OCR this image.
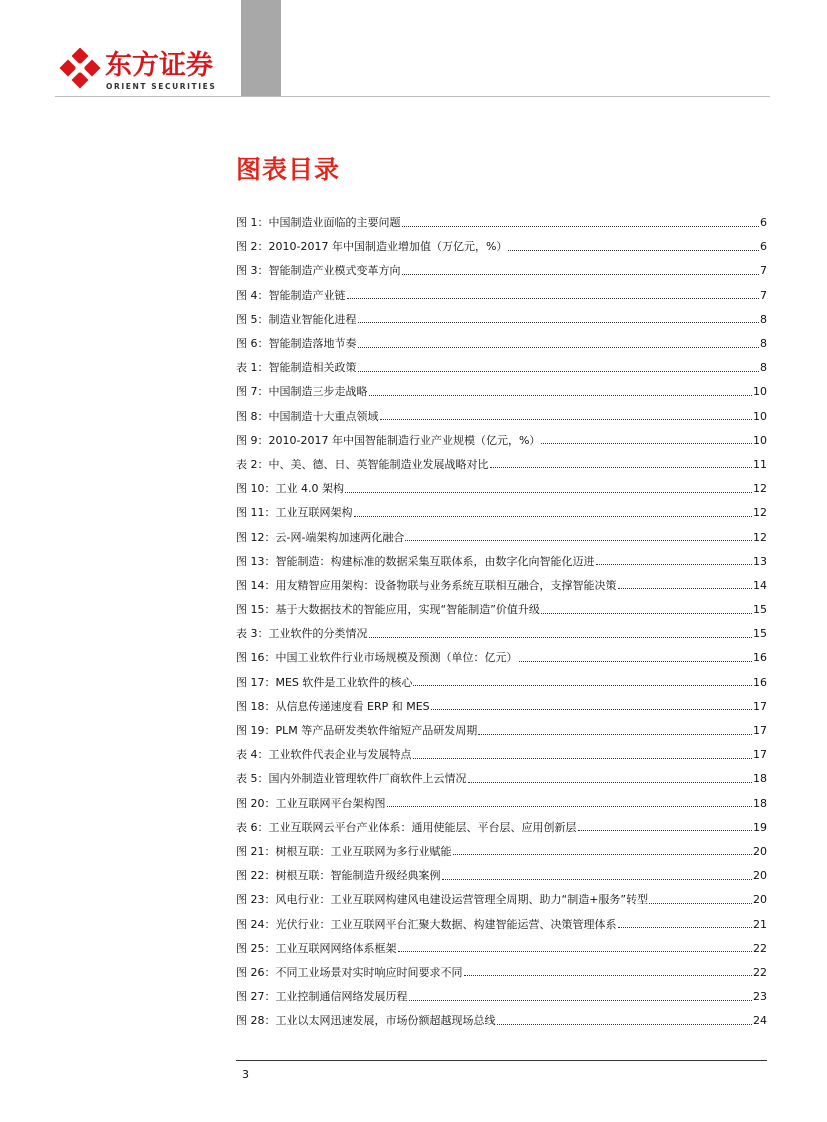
东方证券
ORIENT SECURITIES
图表目录
图 1：中国制造业面临的主要问题	6
图 2：2010-2017 年中国制造业增加值（万亿元，%）	6
图 3：智能制造产业模式变革方向	7
图 4：智能制造产业链	7
图 5：制造业智能化进程	8
图 6：智能制造落地节奏	8
表 1：智能制造相关政策	8
图 7：中国制造三步走战略	10
图 8：中国制造十大重点领域	10
图 9：2010-2017 年中国智能制造行业产业规模（亿元，%）	10
表 2：中、美、德、日、英智能制造业发展战略对比	11
图 10：工业 4.0 架构	12
图 11：工业互联网架构	12
图 12：云-网-端架构加速两化融合	12
图 13：智能制造：构建标准的数据采集互联体系，由数字化向智能化迈进	13
图 14：用友精智应用架构：设备物联与业务系统互联相互融合，支撑智能决策	14
图 15：基于大数据技术的智能应用，实现“智能制造”价值升级	15
表 3：工业软件的分类情况	15
图 16：中国工业软件行业市场规模及预测（单位：亿元）	16
图 17：MES 软件是工业软件的核心	16
图 18：从信息传递速度看 ERP 和 MES	17
图 19：PLM 等产品研发类软件缩短产品研发周期	17
表 4：工业软件代表企业与发展特点	17
表 5：国内外制造业管理软件厂商软件上云情况	18
图 20：工业互联网平台架构图	18
表 6：工业互联网云平台产业体系：通用使能层、平台层、应用创新层	19
图 21：树根互联：工业互联网为多行业赋能	20
图 22：树根互联：智能制造升级经典案例	20
图 23：风电行业：工业互联网构建风电建设运营管理全周期、助力“制造+服务”转型	20
图 24：光伏行业：工业互联网平台汇聚大数据、构建智能运营、决策管理体系	21
图 25：工业互联网网络体系框架	22
图 26：不同工业场景对实时响应时间要求不同	22
图 27：工业控制通信网络发展历程	23
图 28：工业以太网迅速发展，市场份额超越现场总线	24
3
